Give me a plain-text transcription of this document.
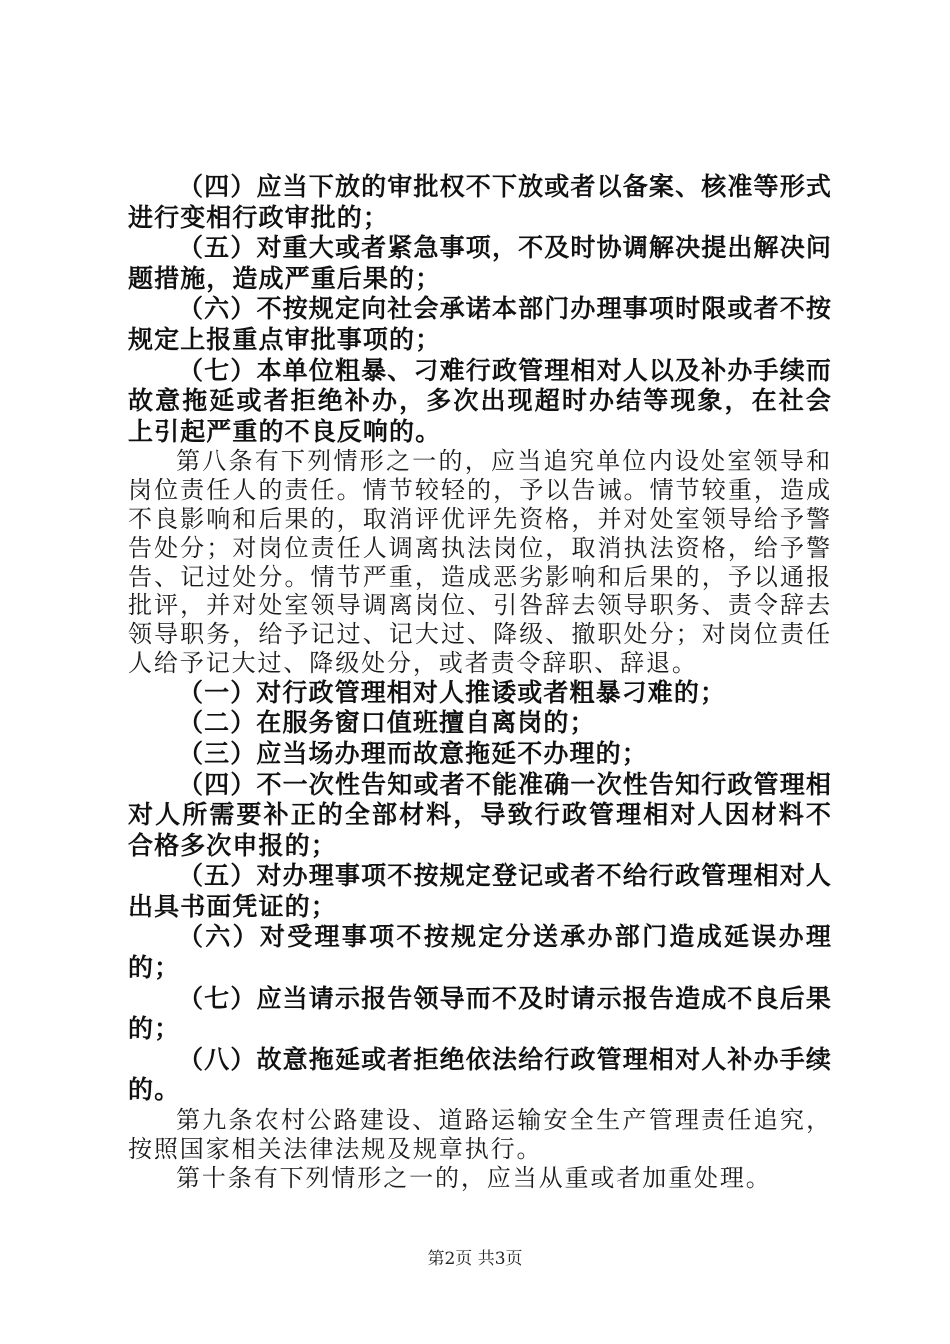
（四）应当下放的审批权不下放或者以备案、核准等形式进行变相行政审批的；

（五）对重大或者紧急事项，不及时协调解决提出解决问题措施，造成严重后果的；

（六）不按规定向社会承诺本部门办理事项时限或者不按规定上报重点审批事项的；

（七）本单位粗暴、刁难行政管理相对人以及补办手续而故意拖延或者拒绝补办，多次出现超时办结等现象，在社会上引起严重的不良反响的。

第八条有下列情形之一的，应当追究单位内设处室领导和岗位责任人的责任。情节较轻的，予以告诫。情节较重，造成不良影响和后果的，取消评优评先资格，并对处室领导给予警告处分；对岗位责任人调离执法岗位，取消执法资格，给予警告、记过处分。情节严重，造成恶劣影响和后果的，予以通报批评，并对处室领导调离岗位、引咎辞去领导职务、责令辞去领导职务，给予记过、记大过、降级、撤职处分；对岗位责任人给予记大过、降级处分，或者责令辞职、辞退。

（一）对行政管理相对人推诿或者粗暴刁难的；

（二）在服务窗口值班擅自离岗的；

（三）应当场办理而故意拖延不办理的；

（四）不一次性告知或者不能准确一次性告知行政管理相对人所需要补正的全部材料，导致行政管理相对人因材料不合格多次申报的；

（五）对办理事项不按规定登记或者不给行政管理相对人出具书面凭证的；

（六）对受理事项不按规定分送承办部门造成延误办理的；

（七）应当请示报告领导而不及时请示报告造成不良后果的；

（八）故意拖延或者拒绝依法给行政管理相对人补办手续的。

第九条农村公路建设、道路运输安全生产管理责任追究，按照国家相关法律法规及规章执行。

第十条有下列情形之一的，应当从重或者加重处理。

第2页 共3页
